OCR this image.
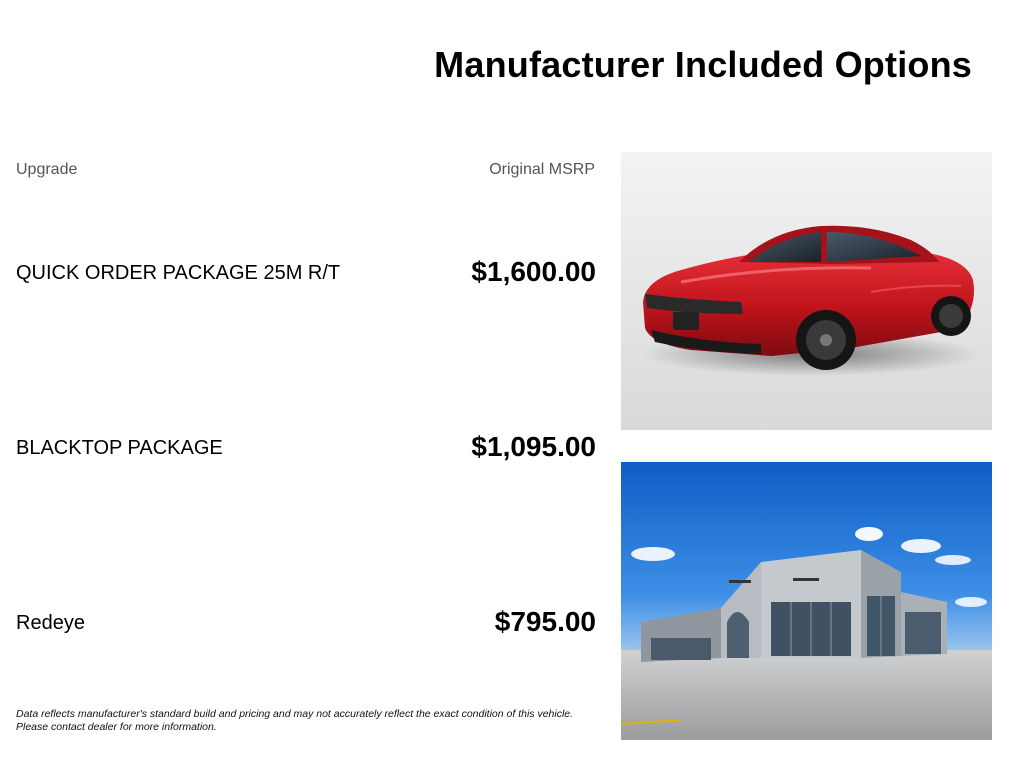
Manufacturer Included Options
Upgrade	Original MSRP
QUICK ORDER PACKAGE 25M R/T	$1,600.00
BLACKTOP PACKAGE	$1,095.00
Redeye	$795.00
Data reflects manufacturer's standard build and pricing and may not accurately reflect the exact condition of this vehicle.
Please contact dealer for more information.
